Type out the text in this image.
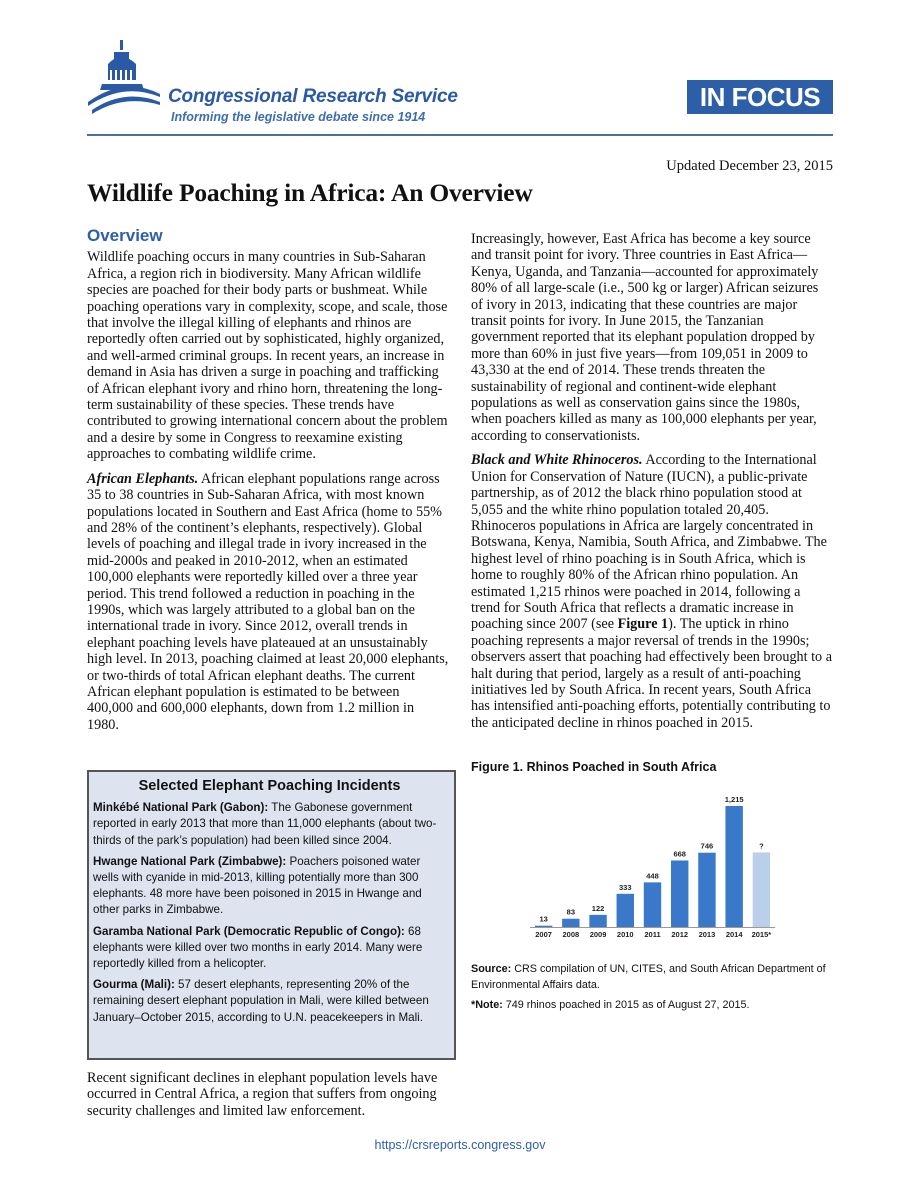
Congressional Research Service
Informing the legislative debate since 1914
IN FOCUS
Updated December 23, 2015
Wildlife Poaching in Africa: An Overview
Overview

Wildlife poaching occurs in many countries in Sub-Saharan Africa, a region rich in biodiversity. Many African wildlife species are poached for their body parts or bushmeat. While poaching operations vary in complexity, scope, and scale, those that involve the illegal killing of elephants and rhinos are reportedly often carried out by sophisticated, highly organized, and well-armed criminal groups. In recent years, an increase in demand in Asia has driven a surge in poaching and trafficking of African elephant ivory and rhino horn, threatening the long-term sustainability of these species. These trends have contributed to growing international concern about the problem and a desire by some in Congress to reexamine existing approaches to combating wildlife crime.

African Elephants. African elephant populations range across 35 to 38 countries in Sub-Saharan Africa, with most known populations located in Southern and East Africa (home to 55% and 28% of the continent’s elephants, respectively). Global levels of poaching and illegal trade in ivory increased in the mid-2000s and peaked in 2010-2012, when an estimated 100,000 elephants were reportedly killed over a three year period. This trend followed a reduction in poaching in the 1990s, which was largely attributed to a global ban on the international trade in ivory. Since 2012, overall trends in elephant poaching levels have plateaued at an unsustainably high level. In 2013, poaching claimed at least 20,000 elephants, or two-thirds of total African elephant deaths. The current African elephant population is estimated to be between 400,000 and 600,000 elephants, down from 1.2 million in 1980.

Selected Elephant Poaching Incidents
Minkébé National Park (Gabon): The Gabonese government reported in early 2013 that more than 11,000 elephants (about two-thirds of the park’s population) had been killed since 2004.
Hwange National Park (Zimbabwe): Poachers poisoned water wells with cyanide in mid-2013, killing potentially more than 300 elephants. 48 more have been poisoned in 2015 in Hwange and other parks in Zimbabwe.
Garamba National Park (Democratic Republic of Congo): 68 elephants were killed over two months in early 2014. Many were reportedly killed from a helicopter.
Gourma (Mali): 57 desert elephants, representing 20% of the remaining desert elephant population in Mali, were killed between January–October 2015, according to U.N. peacekeepers in Mali.

Recent significant declines in elephant population levels have occurred in Central Africa, a region that suffers from ongoing security challenges and limited law enforcement.

Increasingly, however, East Africa has become a key source and transit point for ivory. Three countries in East Africa—Kenya, Uganda, and Tanzania—accounted for approximately 80% of all large-scale (i.e., 500 kg or larger) African seizures of ivory in 2013, indicating that these countries are major transit points for ivory. In June 2015, the Tanzanian government reported that its elephant population dropped by more than 60% in just five years—from 109,051 in 2009 to 43,330 at the end of 2014. These trends threaten the sustainability of regional and continent-wide elephant populations as well as conservation gains since the 1980s, when poachers killed as many as 100,000 elephants per year, according to conservationists.

Black and White Rhinoceros. According to the International Union for Conservation of Nature (IUCN), a public-private partnership, as of 2012 the black rhino population stood at 5,055 and the white rhino population totaled 20,405. Rhinoceros populations in Africa are largely concentrated in Botswana, Kenya, Namibia, South Africa, and Zimbabwe. The highest level of rhino poaching is in South Africa, which is home to roughly 80% of the African rhino population. An estimated 1,215 rhinos were poached in 2014, following a trend for South Africa that reflects a dramatic increase in poaching since 2007 (see Figure 1). The uptick in rhino poaching represents a major reversal of trends in the 1990s; observers assert that poaching had effectively been brought to a halt during that period, largely as a result of anti-poaching initiatives led by South Africa. In recent years, South Africa has intensified anti-poaching efforts, potentially contributing to the anticipated decline in rhinos poached in 2015.

Figure 1. Rhinos Poached in South Africa
13
2007
83
2008
122
2009
333
2010
448
2011
668
2012
746
2013
1,215
2014
?
2015*
Source: CRS compilation of UN, CITES, and South African Department of Environmental Affairs data.
*Note: 749 rhinos poached in 2015 as of August 27, 2015.
https://crsreports.congress.gov
